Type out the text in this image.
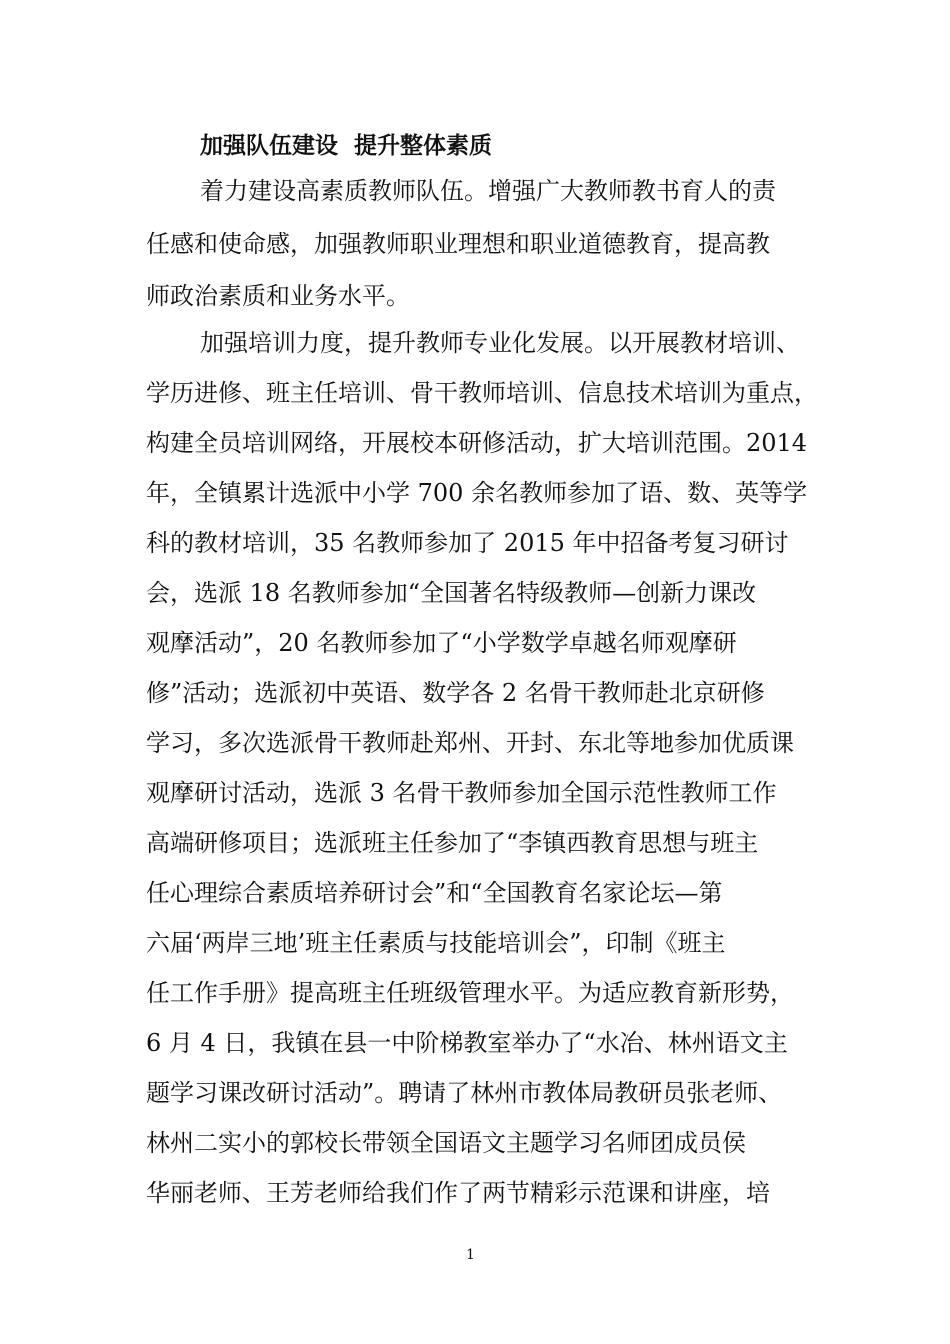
加强队伍建设  提升整体素质

着力建设高素质教师队伍。增强广大教师教书育人的责

任感和使命感，加强教师职业理想和职业道德教育，提高教

师政治素质和业务水平。

加强培训力度，提升教师专业化发展。以开展教材培训、

学历进修、班主任培训、骨干教师培训、信息技术培训为重点，

构建全员培训网络，开展校本研修活动，扩大培训范围。2014

年，全镇累计选派中小学 700 余名教师参加了语、数、英等学

科的教材培训，35 名教师参加了 2015 年中招备考复习研讨

会，选派 18 名教师参加“全国著名特级教师—创新力课改

观摩活动”，20 名教师参加了“小学数学卓越名师观摩研

修”活动；选派初中英语、数学各 2 名骨干教师赴北京研修

学习，多次选派骨干教师赴郑州、开封、东北等地参加优质课

观摩研讨活动，选派 3 名骨干教师参加全国示范性教师工作

高端研修项目；选派班主任参加了“李镇西教育思想与班主

任心理综合素质培养研讨会”和“全国教育名家论坛—第

六届‘两岸三地’班主任素质与技能培训会”，印制《班主

任工作手册》提高班主任班级管理水平。为适应教育新形势，

6 月 4 日，我镇在县一中阶梯教室举办了“水冶、林州语文主

题学习课改研讨活动”。聘请了林州市教体局教研员张老师、

林州二实小的郭校长带领全国语文主题学习名师团成员侯

华丽老师、王芳老师给我们作了两节精彩示范课和讲座，培

1
